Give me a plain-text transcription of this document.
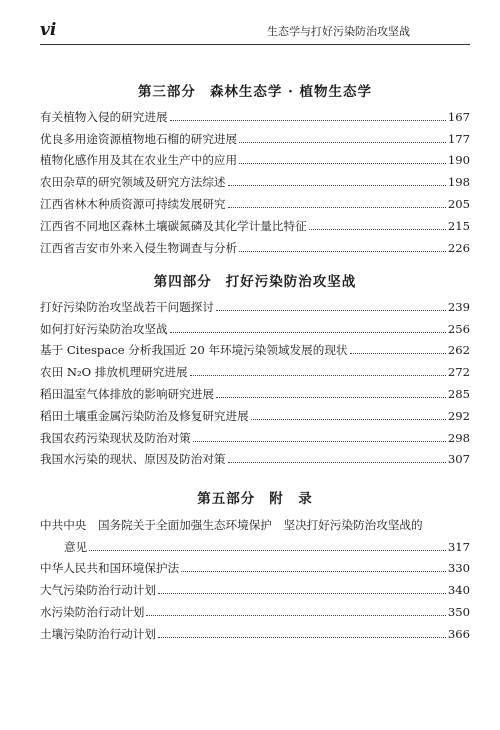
vi	生态学与打好污染防治攻坚战
第三部分 森林生态学 · 植物生态学
有关植物入侵的研究进展	167
优良多用途资源植物地石榴的研究进展	177
植物化感作用及其在农业生产中的应用	190
农田杂草的研究领域及研究方法综述	198
江西省林木种质资源可持续发展研究	205
江西省不同地区森林土壤碳氮磷及其化学计量比特征	215
江西省吉安市外来入侵生物调查与分析	226
第四部分 打好污染防治攻坚战
打好污染防治攻坚战若干问题探讨	239
如何打好污染防治攻坚战	256
基于 Citespace 分析我国近 20 年环境污染领域发展的现状	262
农田 N₂O 排放机理研究进展	272
稻田温室气体排放的影响研究进展	285
稻田土壤重金属污染防治及修复研究进展	292
我国农药污染现状及防治对策	298
我国水污染的现状、原因及防治对策	307
第五部分 附　录
中共中央　国务院关于全面加强生态环境保护　坚决打好污染防治攻坚战的
意见	317
中华人民共和国环境保护法	330
大气污染防治行动计划	340
水污染防治行动计划	350
土壤污染防治行动计划	366
